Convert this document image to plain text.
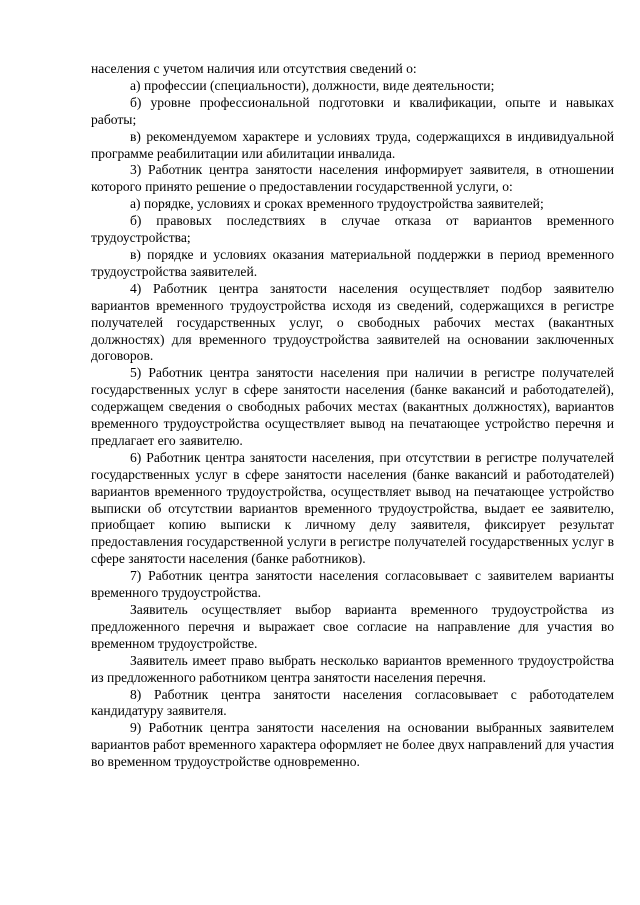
населения с учетом наличия или отсутствия сведений о:

а) профессии (специальности), должности, виде деятельности;

б) уровне профессиональной подготовки и квалификации, опыте и навыках работы;

в) рекомендуемом характере и условиях труда, содержащихся в индивидуальной программе реабилитации или абилитации инвалида.

3) Работник центра занятости населения информирует заявителя, в отношении которого принято решение о предоставлении государственной услуги, о:

а) порядке, условиях и сроках временного трудоустройства заявителей;

б) правовых последствиях в случае отказа от вариантов временного трудоустройства;

в) порядке и условиях оказания материальной поддержки в период временного трудоустройства заявителей.

4) Работник центра занятости населения осуществляет подбор заявителю вариантов временного трудоустройства исходя из сведений, содержащихся в регистре получателей государственных услуг, о свободных рабочих местах (вакантных должностях) для временного трудоустройства заявителей на основании заключенных договоров.

5) Работник центра занятости населения при наличии в регистре получателей государственных услуг в сфере занятости населения (банке вакансий и работодателей), содержащем сведения о свободных рабочих местах (вакантных должностях), вариантов временного трудоустройства осуществляет вывод на печатающее устройство перечня и предлагает его заявителю.

6) Работник центра занятости населения, при отсутствии в регистре получателей государственных услуг в сфере занятости населения (банке вакансий и работодателей) вариантов временного трудоустройства, осуществляет вывод на печатающее устройство выписки об отсутствии вариантов временного трудоустройства, выдает ее заявителю, приобщает копию выписки к личному делу заявителя, фиксирует результат предоставления государственной услуги в регистре получателей государственных услуг в сфере занятости населения (банке работников).

7) Работник центра занятости населения согласовывает с заявителем варианты временного трудоустройства.

Заявитель осуществляет выбор варианта временного трудоустройства из предложенного перечня и выражает свое согласие на направление для участия во временном трудоустройстве.

Заявитель имеет право выбрать несколько вариантов временного трудоустройства из предложенного работником центра занятости населения перечня.

8) Работник центра занятости населения согласовывает с работодателем кандидатуру заявителя.

9) Работник центра занятости населения на основании выбранных заявителем вариантов работ временного характера оформляет не более двух направлений для участия во временном трудоустройстве одновременно.
